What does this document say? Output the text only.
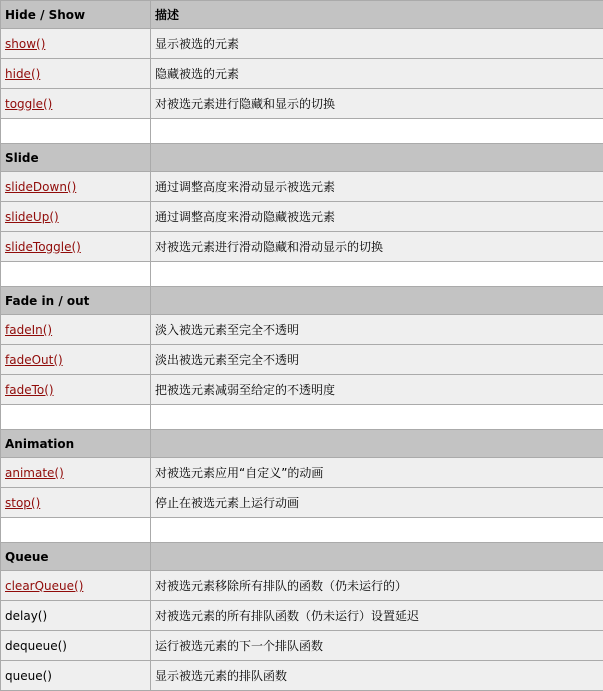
Hide / Show	描述
show()	显示被选的元素
hide()	隐藏被选的元素
toggle()	对被选元素进行隐藏和显示的切换

Slide	
slideDown()	通过调整高度来滑动显示被选元素
slideUp()	通过调整高度来滑动隐藏被选元素
slideToggle()	对被选元素进行滑动隐藏和滑动显示的切换

Fade in / out	
fadeIn()	淡入被选元素至完全不透明
fadeOut()	淡出被选元素至完全不透明
fadeTo()	把被选元素减弱至给定的不透明度

Animation	
animate()	对被选元素应用“自定义”的动画
stop()	停止在被选元素上运行动画

Queue	
clearQueue()	对被选元素移除所有排队的函数（仍未运行的）
delay()	对被选元素的所有排队函数（仍未运行）设置延迟
dequeue()	运行被选元素的下一个排队函数
queue()	显示被选元素的排队函数
